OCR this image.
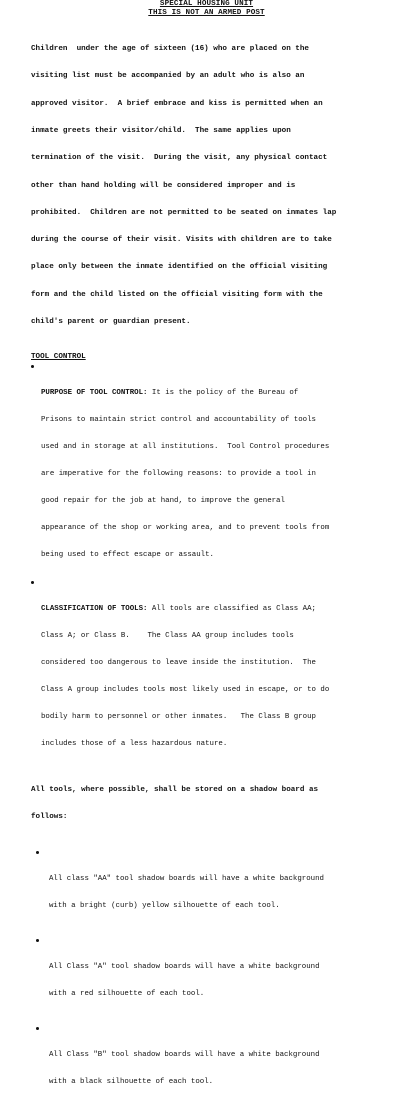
SPECIAL HOUSING UNIT
THIS IS NOT AN ARMED POST

Children  under the age of sixteen (16) who are placed on the

visiting list must be accompanied by an adult who is also an

approved visitor.  A brief embrace and kiss is permitted when an

inmate greets their visitor/child.  The same applies upon

termination of the visit.  During the visit, any physical contact

other than hand holding will be considered improper and is

prohibited.  Children are not permitted to be seated on inmates lap

during the course of their visit. Visits with children are to take

place only between the inmate identified on the official visiting

form and the child listed on the official visiting form with the

child's parent or guardian present.

TOOL CONTROL

PURPOSE OF TOOL CONTROL: It is the policy of the Bureau of

Prisons to maintain strict control and accountability of tools

used and in storage at all institutions.  Tool Control procedures

are imperative for the following reasons: to provide a tool in

good repair for the job at hand, to improve the general

appearance of the shop or working area, and to prevent tools from

being used to effect escape or assault.

CLASSIFICATION OF TOOLS: All tools are classified as Class AA;

Class A; or Class B.    The Class AA group includes tools

considered too dangerous to leave inside the institution.  The

Class A group includes tools most likely used in escape, or to do

bodily harm to personnel or other inmates.   The Class B group

includes those of a less hazardous nature.

All tools, where possible, shall be stored on a shadow board as

follows:

All class "AA" tool shadow boards will have a white background

with a bright (curb) yellow silhouette of each tool.

All Class "A" tool shadow boards will have a white background

with a red silhouette of each tool.

All Class "B" tool shadow boards will have a white background

with a black silhouette of each tool.
